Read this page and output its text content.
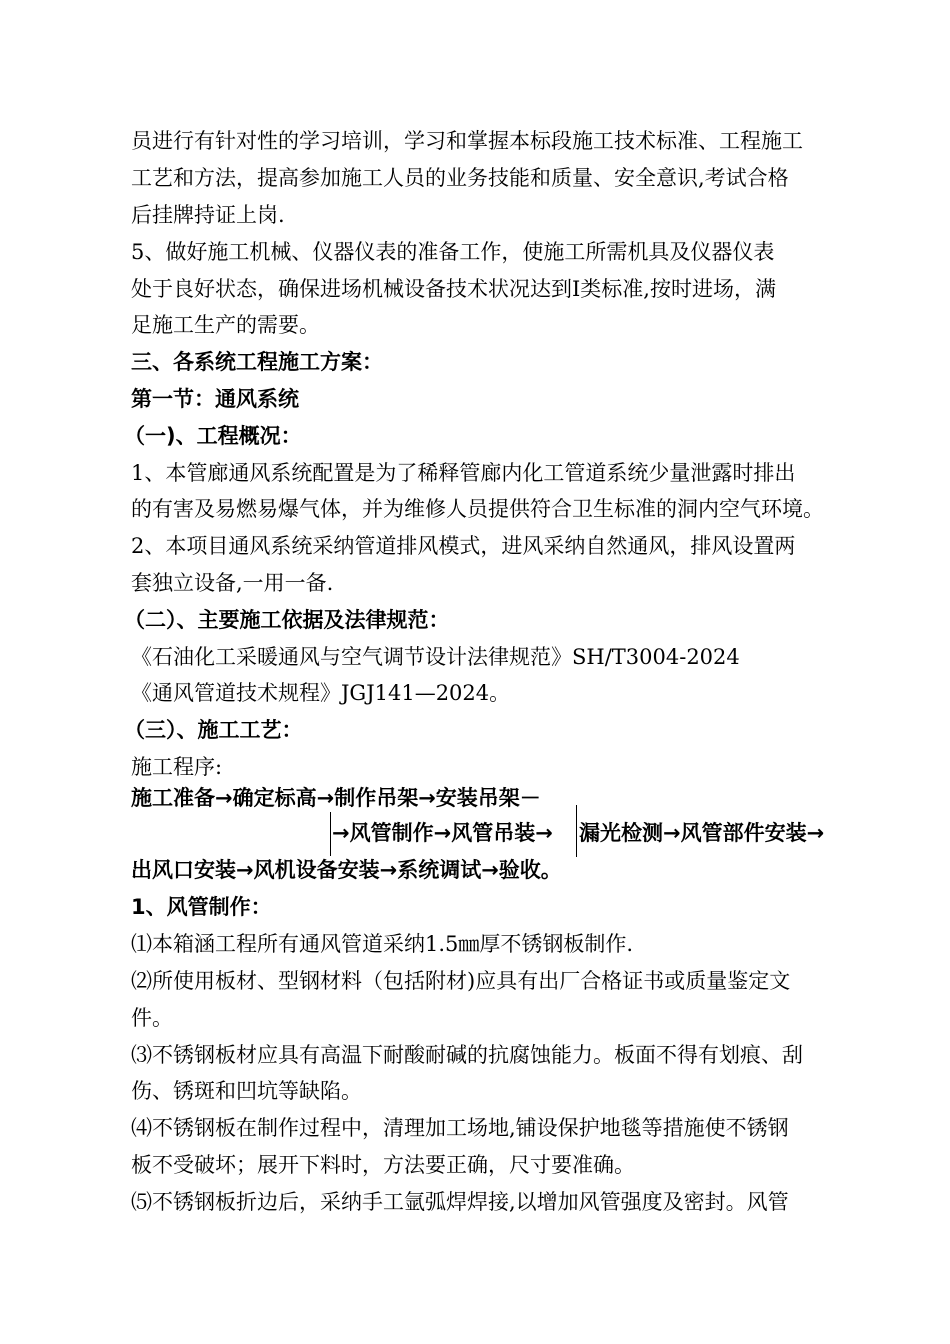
员进行有针对性的学习培训，学习和掌握本标段施工技术标准、工程施工

工艺和方法，提高参加施工人员的业务技能和质量、安全意识,考试合格

后挂牌持证上岗.

5、做好施工机械、仪器仪表的准备工作，使施工所需机具及仪器仪表

处于良好状态，确保进场机械设备技术状况达到Ⅰ类标准,按时进场，满

足施工生产的需要。

三、各系统工程施工方案：

第一节：通风系统

（一)、工程概况：

1、本管廊通风系统配置是为了稀释管廊内化工管道系统少量泄露时排出

的有害及易燃易爆气体，并为维修人员提供符合卫生标准的洞内空气环境。

2、本项目通风系统采纳管道排风模式，进风采纳自然通风，排风设置两

套独立设备,一用一备.

（二）、主要施工依据及法律规范：

《石油化工采暖通风与空气调节设计法律规范》SH/T3004-2024

《通风管道技术规程》JGJ141—2024。

（三）、施工工艺：

施工程序:

施工准备→确定标高→制作吊架→安装吊架－
→风管制作→风管吊装→ 漏光检测→风管部件安装→
出风口安装→风机设备安装→系统调试→验收。

1、风管制作：

⑴本箱涵工程所有通风管道采纳1.5㎜厚不锈钢板制作.

⑵所使用板材、型钢材料（包括附材)应具有出厂合格证书或质量鉴定文

件。

⑶不锈钢板材应具有高温下耐酸耐碱的抗腐蚀能力。板面不得有划痕、刮

伤、锈斑和凹坑等缺陷。

⑷不锈钢板在制作过程中，清理加工场地,铺设保护地毯等措施使不锈钢

板不受破坏；展开下料时，方法要正确，尺寸要准确。

⑸不锈钢板折边后，采纳手工氩弧焊焊接,以增加风管强度及密封。风管
